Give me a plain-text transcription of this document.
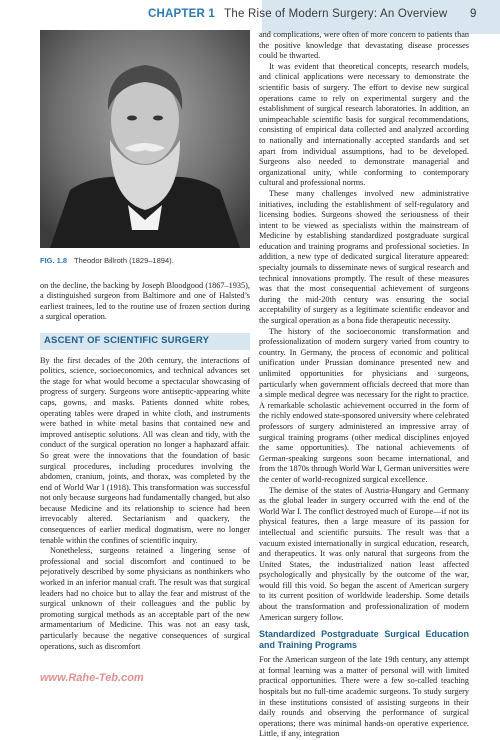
CHAPTER 1 The Rise of Modern Surgery: An Overview	9
FIG. 1.8 Theodor Billroth (1829–1894).

on the decline, the backing by Joseph Bloodgood (1867–1935), a distinguished surgeon from Baltimore and one of Halsted’s earliest trainees, led to the routine use of frozen section during a surgical operation.

ASCENT OF SCIENTIFIC SURGERY

By the first decades of the 20th century, the interactions of politics, science, socioeconomics, and technical advances set the stage for what would become a spectacular showcasing of progress of surgery. Surgeons wore antiseptic-appearing white caps, gowns, and masks. Patients donned white robes, operating tables were draped in white cloth, and instruments were bathed in white metal basins that contained new and improved antiseptic solutions. All was clean and tidy, with the conduct of the surgical operation no longer a haphazard affair. So great were the innovations that the foundation of basic surgical procedures, including procedures involving the abdomen, cranium, joints, and thorax, was completed by the end of World War I (1918). This transformation was successful not only because surgeons had fundamentally changed, but also because Medicine and its relationship to science had been irrevocably altered. Sectarianism and quackery, the consequences of earlier medical dogmatism, were no longer tenable within the confines of scientific inquiry.

Nonetheless, surgeons retained a lingering sense of professional and social discomfort and continued to be pejoratively described by some physicians as nonthinkers who worked in an inferior manual craft. The result was that surgical leaders had no choice but to allay the fear and mistrust of the surgical unknown of their colleagues and the public by promoting surgical methods as an acceptable part of the new armamentarium of Medicine. This was not an easy task, particularly because the negative consequences of surgical operations, such as discomfort

and complications, were often of more concern to patients than the positive knowledge that devastating disease processes could be thwarted.

It was evident that theoretical concepts, research models, and clinical applications were necessary to demonstrate the scientific basis of surgery. The effort to devise new surgical operations came to rely on experimental surgery and the establishment of surgical research laboratories. In addition, an unimpeachable scientific basis for surgical recommendations, consisting of empirical data collected and analyzed according to nationally and internationally accepted standards and set apart from individual assumptions, had to be developed. Surgeons also needed to demonstrate managerial and organizational unity, while conforming to contemporary cultural and professional norms.

These many challenges involved new administrative initiatives, including the establishment of self-regulatory and licensing bodies. Surgeons showed the seriousness of their intent to be viewed as specialists within the mainstream of Medicine by establishing standardized postgraduate surgical education and training programs and professional societies. In addition, a new type of dedicated surgical literature appeared: specialty journals to disseminate news of surgical research and technical innovations promptly. The result of these measures was that the most consequential achievement of surgeons during the mid-20th century was ensuring the social acceptability of surgery as a legitimate scientific endeavor and the surgical operation as a bona fide therapeutic necessity.

The history of the socioeconomic transformation and professionalization of modern surgery varied from country to country. In Germany, the process of economic and political unification under Prussian dominance presented new and unlimited opportunities for physicians and surgeons, particularly when government officials decreed that more than a simple medical degree was necessary for the right to practice. A remarkable scholastic achievement occurred in the form of the richly endowed state-sponsored university where celebrated professors of surgery administered an impressive array of surgical training programs (other medical disciplines enjoyed the same opportunities). The national achievements of German-speaking surgeons soon became international, and from the 1870s through World War I, German universities were the center of world-recognized surgical excellence.

The demise of the states of Austria-Hungary and Germany as the global leader in surgery occurred with the end of the World War I. The conflict destroyed much of Europe—if not its physical features, then a large measure of its passion for intellectual and scientific pursuits. The result was that a vacuum existed internationally in surgical education, research, and therapeutics. It was only natural that surgeons from the United States, the industrialized nation least affected psychologically and physically by the outcome of the war, would fill this void. So began the ascent of American surgery to its current position of worldwide leadership. Some details about the transformation and professionalization of modern American surgery follow.

Standardized Postgraduate Surgical Education and Training Programs

For the American surgeon of the late 19th century, any attempt at formal learning was a matter of personal will with limited practical opportunities. There were a few so-called teaching hospitals but no full-time academic surgeons. To study surgery in these institutions consisted of assisting surgeons in their daily rounds and observing the performance of surgical operations; there was minimal hands-on operative experience. Little, if any, integration

www.Rahe-Teb.com
